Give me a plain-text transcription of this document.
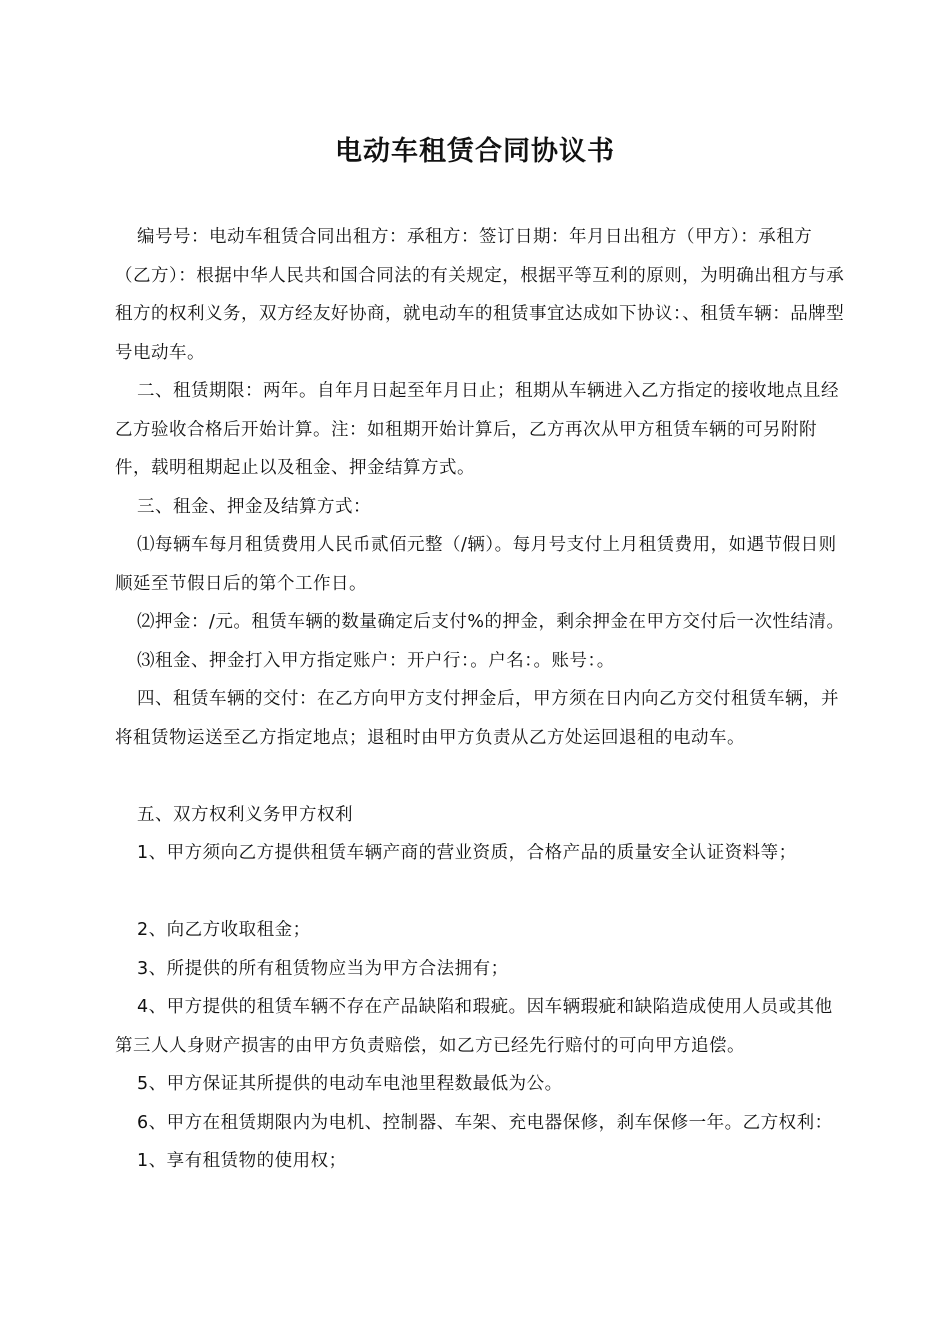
电动车租赁合同协议书

编号号：电动车租赁合同出租方：承租方：签订日期：年月日出租方（甲方）：承租方（乙方）：根据中华人民共和国合同法的有关规定，根据平等互利的原则，为明确出租方与承租方的权利义务，双方经友好协商，就电动车的租赁事宜达成如下协议：、租赁车辆：品牌型号电动车。

二、租赁期限：两年。自年月日起至年月日止；租期从车辆进入乙方指定的接收地点且经乙方验收合格后开始计算。注：如租期开始计算后，乙方再次从甲方租赁车辆的可另附附件，载明租期起止以及租金、押金结算方式。

三、租金、押金及结算方式：

⑴每辆车每月租赁费用人民币贰佰元整（/辆）。每月号支付上月租赁费用，如遇节假日则顺延至节假日后的第个工作日。

⑵押金：/元。租赁车辆的数量确定后支付%的押金，剩余押金在甲方交付后一次性结清。

⑶租金、押金打入甲方指定账户：开户行：。户名：。账号：。

四、租赁车辆的交付：在乙方向甲方支付押金后，甲方须在日内向乙方交付租赁车辆，并将租赁物运送至乙方指定地点；退租时由甲方负责从乙方处运回退租的电动车。

五、双方权利义务甲方权利

1、甲方须向乙方提供租赁车辆产商的营业资质，合格产品的质量安全认证资料等；

2、向乙方收取租金；

3、所提供的所有租赁物应当为甲方合法拥有；

4、甲方提供的租赁车辆不存在产品缺陷和瑕疵。因车辆瑕疵和缺陷造成使用人员或其他第三人人身财产损害的由甲方负责赔偿，如乙方已经先行赔付的可向甲方追偿。

5、甲方保证其所提供的电动车电池里程数最低为公。

6、甲方在租赁期限内为电机、控制器、车架、充电器保修，刹车保修一年。乙方权利：

1、享有租赁物的使用权；
